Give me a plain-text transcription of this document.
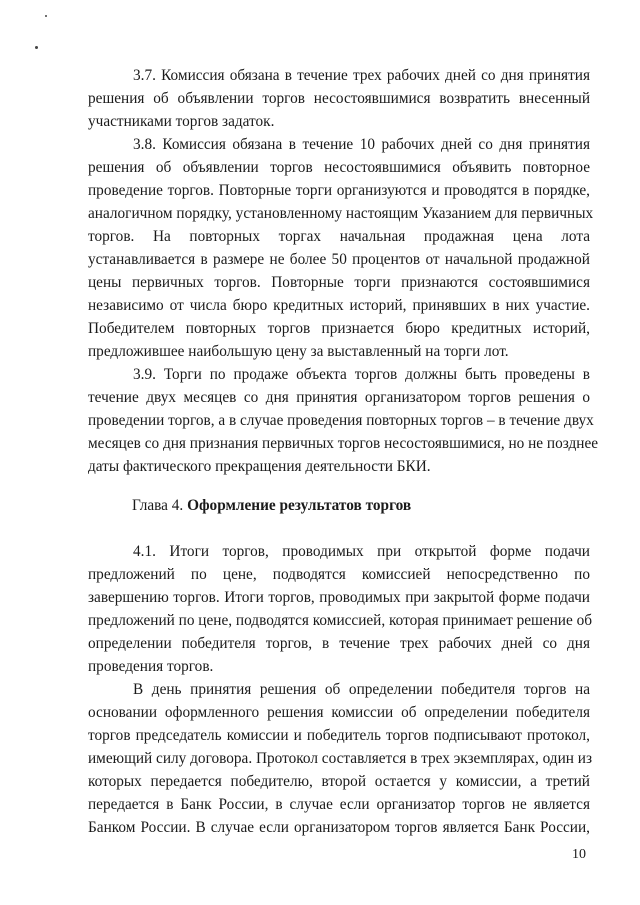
3.7. Комиссия обязана в течение трех рабочих дней со дня принятия
решения об объявлении торгов несостоявшимися возвратить внесенный
участниками торгов задаток.
3.8. Комиссия обязана в течение 10 рабочих дней со дня принятия
решения об объявлении торгов несостоявшимися объявить повторное
проведение торгов. Повторные торги организуются и проводятся в порядке,
аналогичном порядку, установленному настоящим Указанием для первичных
торгов. На повторных торгах начальная продажная цена лота
устанавливается в размере не более 50 процентов от начальной продажной
цены первичных торгов. Повторные торги признаются состоявшимися
независимо от числа бюро кредитных историй, принявших в них участие.
Победителем повторных торгов признается бюро кредитных историй,
предложившее наибольшую цену за выставленный на торги лот.
3.9. Торги по продаже объекта торгов должны быть проведены в
течение двух месяцев со дня принятия организатором торгов решения о
проведении торгов, а в случае проведения повторных торгов – в течение двух
месяцев со дня признания первичных торгов несостоявшимися, но не позднее
даты фактического прекращения деятельности БКИ.
Глава 4. Оформление результатов торгов
4.1. Итоги торгов, проводимых при открытой форме подачи
предложений по цене, подводятся комиссией непосредственно по
завершению торгов. Итоги торгов, проводимых при закрытой форме подачи
предложений по цене, подводятся комиссией, которая принимает решение об
определении победителя торгов, в течение трех рабочих дней со дня
проведения торгов.
В день принятия решения об определении победителя торгов на
основании оформленного решения комиссии об определении победителя
торгов председатель комиссии и победитель торгов подписывают протокол,
имеющий силу договора. Протокол составляется в трех экземплярах, один из
которых передается победителю, второй остается у комиссии, а третий
передается в Банк России, в случае если организатор торгов не является
Банком России. В случае если организатором торгов является Банк России,
10
